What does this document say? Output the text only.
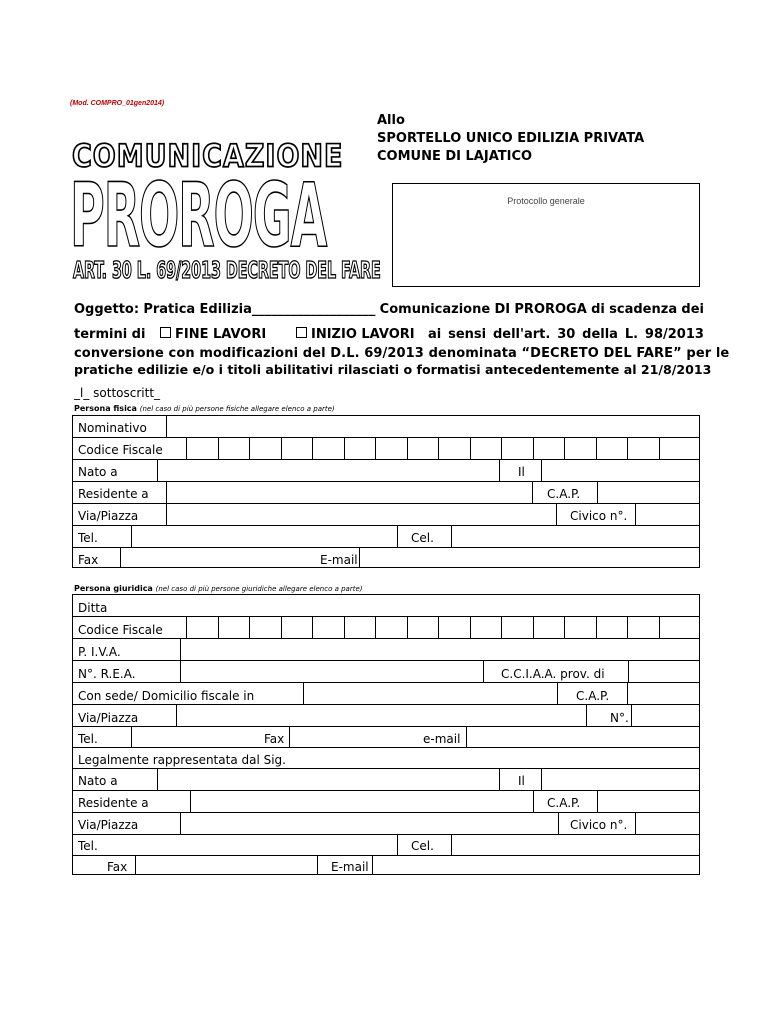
(Mod. COMPRO_01gen2014)
Allo
SPORTELLO UNICO EDILIZIA PRIVATA
COMUNE DI LAJATICO
COMUNICAZIONE
PROROGA
ART. 30 L. 69/2013 DECRETO DEL FARE
Protocollo generale
Oggetto: Pratica Edilizia___________________ Comunicazione DI PROROGA di scadenza dei
termini di	FINE LAVORI	INIZIO LAVORI ai sensi dell'art. 30 della L. 98/2013
conversione con modificazioni del D.L. 69/2013 denominata “DECRETO DEL FARE” per le
pratiche edilizie e/o i titoli abilitativi rilasciati o formatisi antecedentemente al 21/8/2013
_l_ sottoscritt_
Persona fisica (nel caso di più persone fisiche allegare elenco a parte)
Nominativo
Codice Fiscale
Nato a	Il
Residente a	C.A.P.
Via/Piazza	Civico n°.
Tel.	Cel.
Fax	E-mail
Persona giuridica (nel caso di più persone giuridiche allegare elenco a parte)
Ditta
Codice Fiscale
P. I.V.A.
N°. R.E.A.	C.C.I.A.A. prov. di
Con sede/ Domicilio fiscale in	C.A.P.
Via/Piazza	N°.
Tel.	Fax	e-mail
Legalmente rappresentata dal Sig.
Nato a	Il
Residente a	C.A.P.
Via/Piazza	Civico n°.
Tel.	Cel.
Fax	E-mail
